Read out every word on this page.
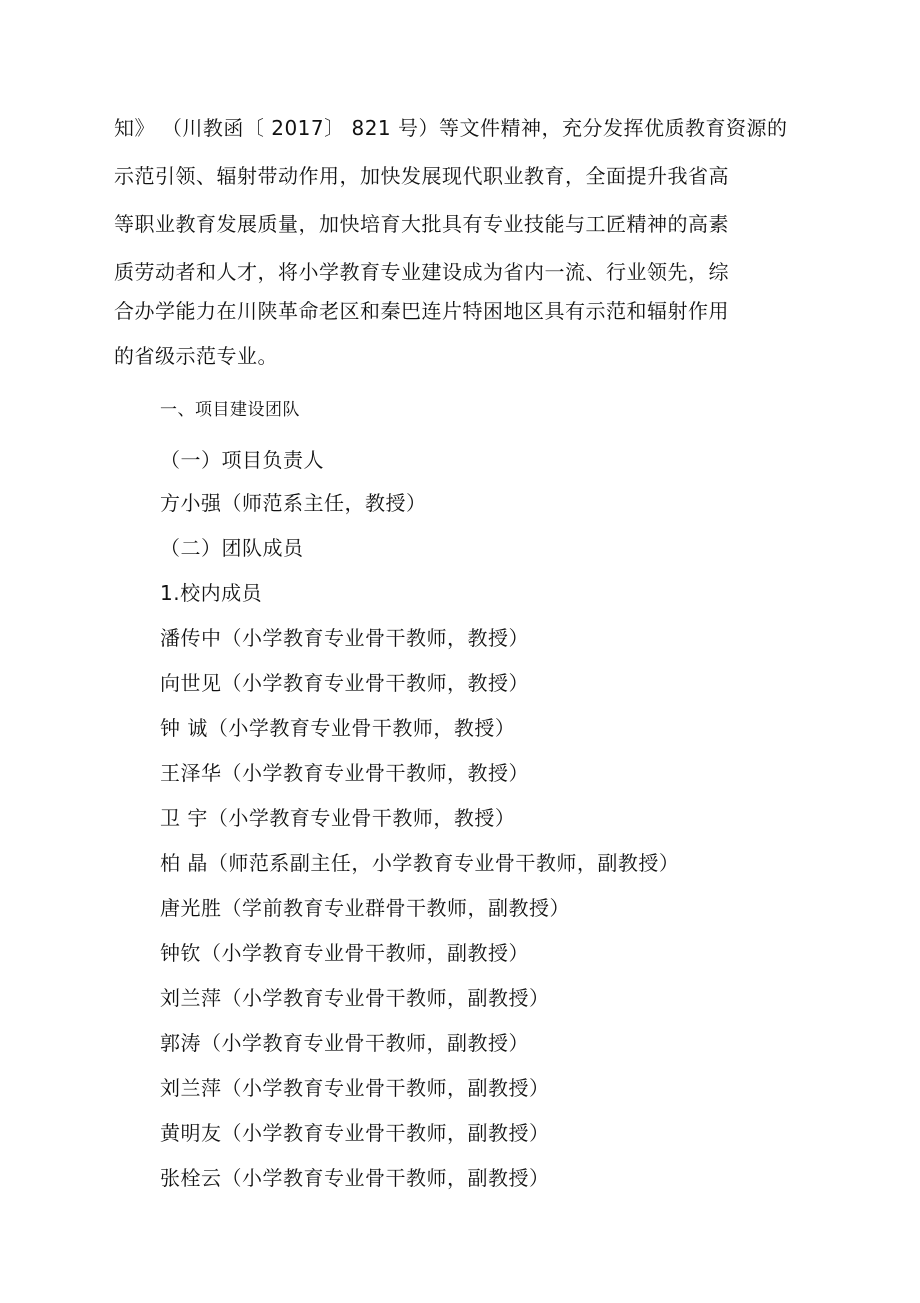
知》 （川教函〔 2017〕 821 号）等文件精神，充分发挥优质教育资源的
示范引领、辐射带动作用，加快发展现代职业教育，全面提升我省高
等职业教育发展质量，加快培育大批具有专业技能与工匠精神的高素
质劳动者和人才，将小学教育专业建设成为省内一流、行业领先，综
合办学能力在川陕革命老区和秦巴连片特困地区具有示范和辐射作用
的省级示范专业。
一、项目建设团队
（一）项目负责人
方小强（师范系主任，教授）
（二）团队成员
1.校内成员
潘传中（小学教育专业骨干教师，教授）
向世见（小学教育专业骨干教师，教授）
钟 诚（小学教育专业骨干教师，教授）
王泽华（小学教育专业骨干教师，教授）
卫 宇（小学教育专业骨干教师，教授）
柏 晶（师范系副主任，小学教育专业骨干教师，副教授）
唐光胜（学前教育专业群骨干教师，副教授）
钟钦（小学教育专业骨干教师，副教授）
刘兰萍（小学教育专业骨干教师，副教授）
郭涛（小学教育专业骨干教师，副教授）
刘兰萍（小学教育专业骨干教师，副教授）
黄明友（小学教育专业骨干教师，副教授）
张栓云（小学教育专业骨干教师，副教授）
